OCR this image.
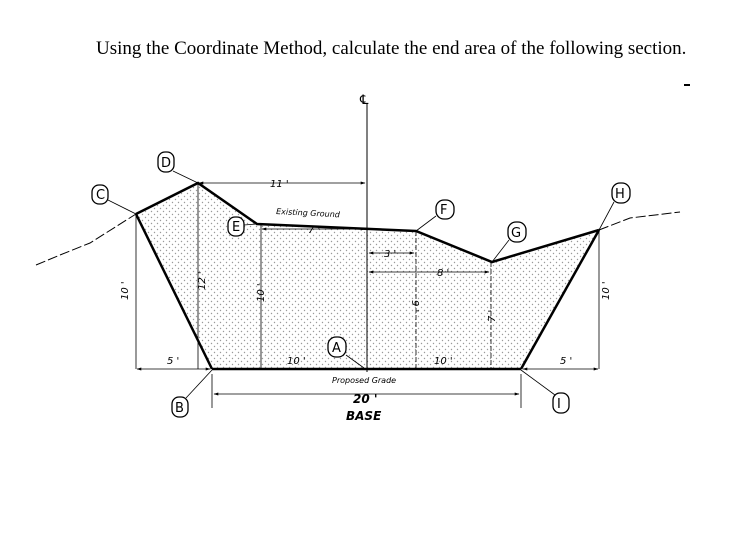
Using the Coordinate Method, calculate the end area of the following section.
℄
C
D
E
F
G
H
A
B	I
11 '
Existing Ground
7 '
3 '
8 '
10 '
12 '
10 '
9 '
7 '
10 '
5 '	10 '	10 '	5 '
Proposed Grade
20 '
BASE
